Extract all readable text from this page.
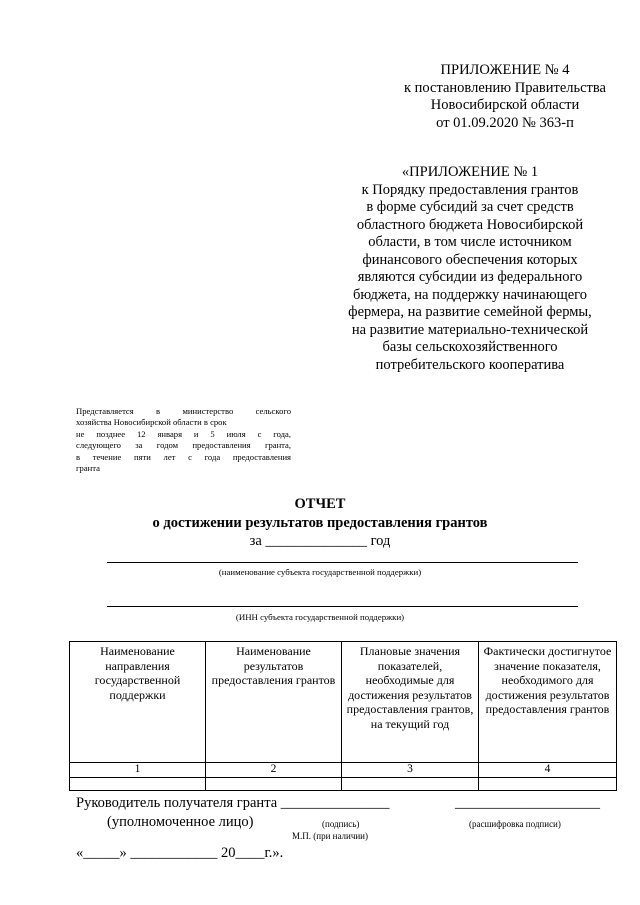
ПРИЛОЖЕНИЕ № 4
к постановлению Правительства
Новосибирской области
от 01.09.2020 № 363-п
«ПРИЛОЖЕНИЕ № 1
к Порядку предоставления грантов
в форме субсидий за счет средств
областного бюджета Новосибирской
области, в том числе источником
финансового обеспечения которых
являются субсидии из федерального
бюджета, на поддержку начинающего
фермера, на развитие семейной фермы,
на развитие материально-технической
базы сельскохозяйственного
потребительского кооператива
Представляется в министерство сельского
хозяйства Новосибирской области в срок
не позднее 12 января и 5 июля с года,
следующего за годом предоставления гранта,
в течение пяти лет с года предоставления
гранта
ОТЧЕТ
о достижении результатов предоставления грантов
за ______________ год
(наименование субъекта государственной поддержки)
(ИНН субъекта государственной поддержки)
Наименование направления государственной поддержки	Наименование результатов предоставления грантов	Плановые значения показателей, необходимые для достижения результатов предоставления грантов, на текущий год	Фактически достигнутое значение показателя, необходимого для достижения результатов предоставления грантов
1	2	3	4

Руководитель получателя гранта _______________	____________________
(уполномоченное лицо)	(подпись)	(расшифровка подписи)
М.П. (при наличии)
«_____» ____________ 20____г.».
